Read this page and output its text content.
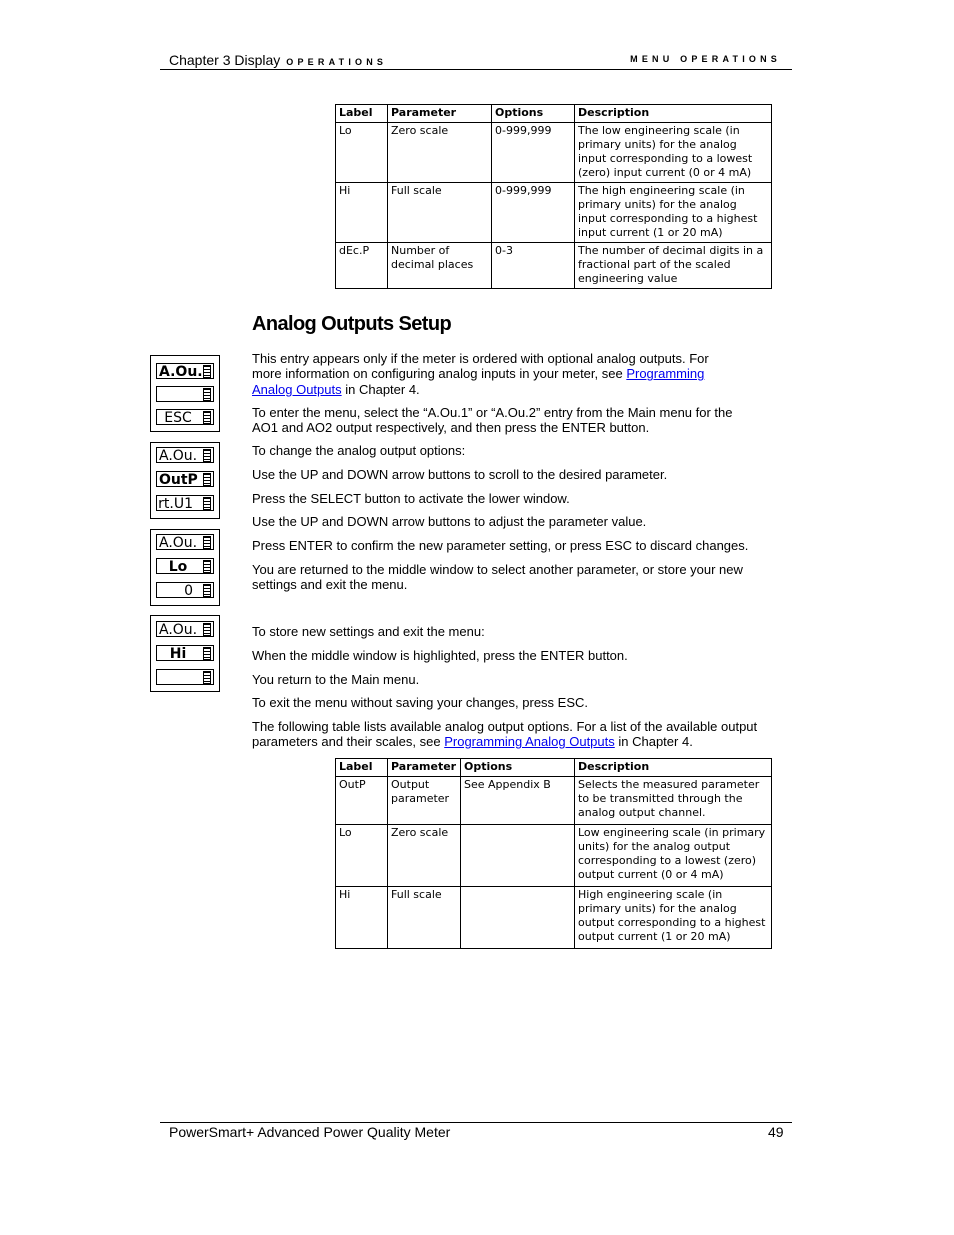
Chapter 3 Display OPERATIONS	MENU OPERATIONS
Label	Parameter	Options	Description
Lo	Zero scale	0-999,999	The low engineering scale (in primary units) for the analog input corresponding to a lowest (zero) input current (0 or 4 mA)
Hi	Full scale	0-999,999	The high engineering scale (in primary units) for the analog input corresponding to a highest input current (1 or 20 mA)
dEc.P	Number of decimal places	0-3	The number of decimal digits in a fractional part of the scaled engineering value
Analog Outputs Setup
A.Ou.
ESC
A.Ou.
OutP
rt.U1
A.Ou.
Lo
0
A.Ou.
Hi
This entry appears only if the meter is ordered with optional analog outputs. For more information on configuring analog inputs in your meter, see Programming Analog Outputs in Chapter 4.
To enter the menu, select the “A.Ou.1” or “A.Ou.2” entry from the Main menu for the AO1 and AO2 output respectively, and then press the ENTER button.
To change the analog output options:
Use the UP and DOWN arrow buttons to scroll to the desired parameter.
Press the SELECT button to activate the lower window.
Use the UP and DOWN arrow buttons to adjust the parameter value.
Press ENTER to confirm the new parameter setting, or press ESC to discard changes.
You are returned to the middle window to select another parameter, or store your new settings and exit the menu.
To store new settings and exit the menu:
When the middle window is highlighted, press the ENTER button.
You return to the Main menu.
To exit the menu without saving your changes, press ESC.
The following table lists available analog output options. For a list of the available output parameters and their scales, see Programming Analog Outputs in Chapter 4.
Label	Parameter	Options	Description
OutP	Output parameter	See Appendix B	Selects the measured parameter to be transmitted through the analog output channel.
Lo	Zero scale		Low engineering scale (in primary units) for the analog output corresponding to a lowest (zero) output current (0 or 4 mA)
Hi	Full scale		High engineering scale (in primary units) for the analog output corresponding to a highest output current (1 or 20 mA)
PowerSmart+ Advanced Power Quality Meter	49
